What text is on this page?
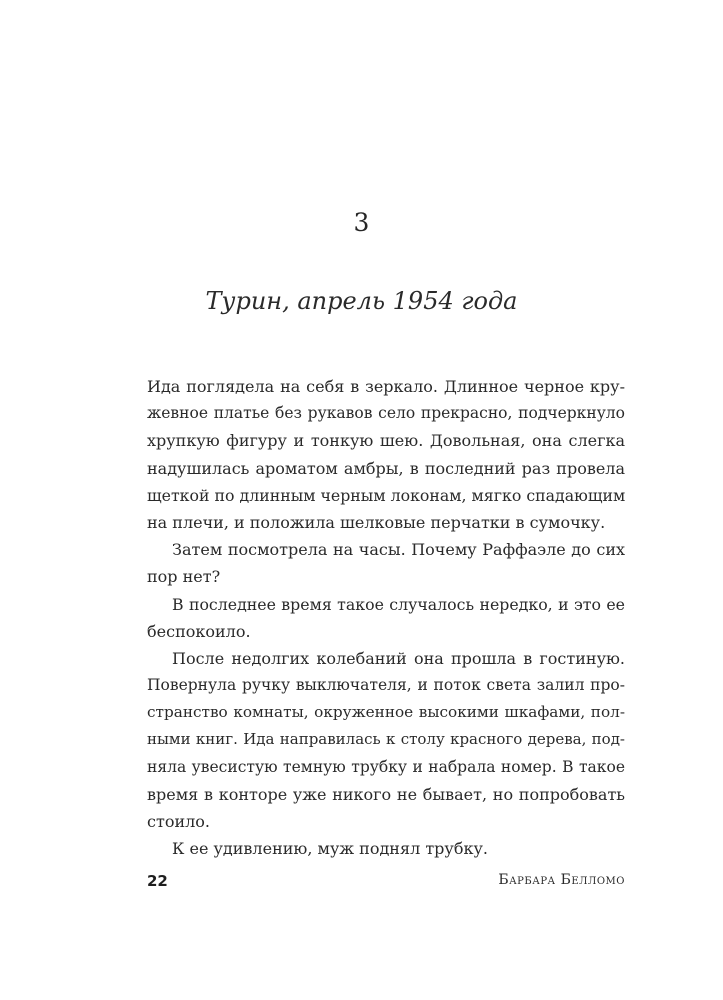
3
Турин, апрель 1954 года
Ида поглядела на себя в зеркало. Длинное черное кру-
жевное платье без рукавов село прекрасно, подчеркнуло
хрупкую фигуру и тонкую шею. Довольная, она слегка
надушилась ароматом амбры, в последний раз провела
щеткой по длинным черным локонам, мягко спадающим
на плечи, и положила шелковые перчатки в сумочку.
Затем посмотрела на часы. Почему Раффаэле до сих
пор нет?
В последнее время такое случалось нередко, и это ее
беспокоило.
После недолгих колебаний она прошла в гостиную.
Повернула ручку выключателя, и поток света залил про-
странство комнаты, окруженное высокими шкафами, пол-
ными книг. Ида направилась к столу красного дерева, под-
няла увесистую темную трубку и набрала номер. В такое
время в конторе уже никого не бывает, но попробовать
стоило.
К ее удивлению, муж поднял трубку.
22	Барбара Белломо
